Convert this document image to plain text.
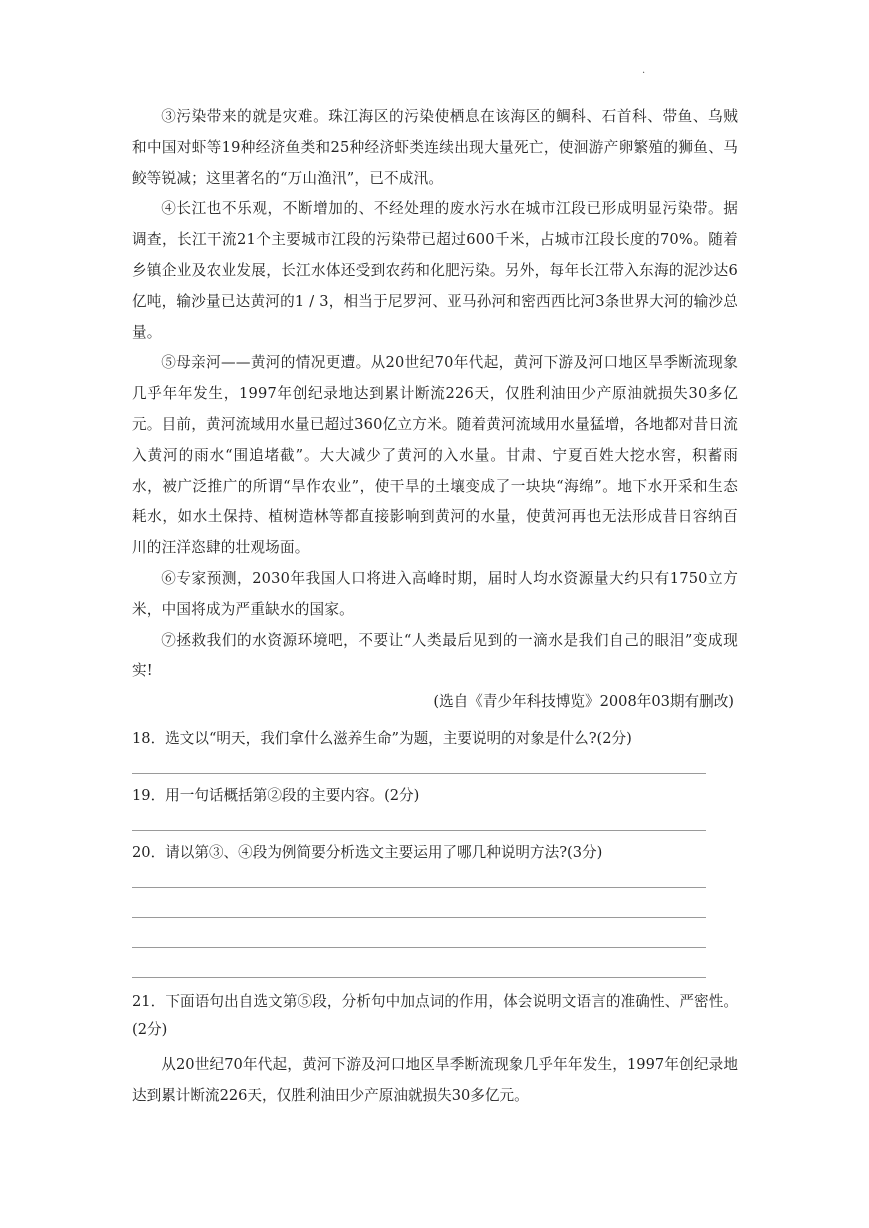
.

③污染带来的就是灾难。珠江海区的污染使栖息在该海区的鲷科、石首科、带鱼、乌贼和中国对虾等19种经济鱼类和25种经济虾类连续出现大量死亡，使洄游产卵繁殖的狮鱼、马鲛等锐减；这里著名的“万山渔汛”，已不成汛。

④长江也不乐观，不断增加的、不经处理的废水污水在城市江段已形成明显污染带。据调查，长江干流21个主要城市江段的污染带已超过600千米，占城市江段长度的70%。随着乡镇企业及农业发展，长江水体还受到农药和化肥污染。另外，每年长江带入东海的泥沙达6亿吨，输沙量已达黄河的1 / 3，相当于尼罗河、亚马孙河和密西西比河3条世界大河的输沙总量。

⑤母亲河——黄河的情况更遭。从20世纪70年代起，黄河下游及河口地区旱季断流现象几乎年年发生，1997年创纪录地达到累计断流226天，仅胜利油田少产原油就损失30多亿元。目前，黄河流域用水量已超过360亿立方米。随着黄河流域用水量猛增，各地都对昔日流入黄河的雨水“围追堵截”。大大减少了黄河的入水量。甘肃、宁夏百姓大挖水窖，积蓄雨水，被广泛推广的所谓“旱作农业”，使干旱的土壤变成了一块块“海绵”。地下水开采和生态耗水，如水土保持、植树造林等都直接影响到黄河的水量，使黄河再也无法形成昔日容纳百川的汪洋恣肆的壮观场面。

⑥专家预测，2030年我国人口将进入高峰时期，届时人均水资源量大约只有1750立方米，中国将成为严重缺水的国家。

⑦拯救我们的水资源环境吧，不要让“人类最后见到的一滴水是我们自己的眼泪”变成现实!

(选自《青少年科技博览》2008年03期有删改)

18．选文以“明天，我们拿什么滋养生命”为题，主要说明的对象是什么?(2分)

19．用一句话概括第②段的主要内容。(2分)

20．请以第③、④段为例简要分析选文主要运用了哪几种说明方法?(3分)

21．下面语句出自选文第⑤段，分析句中加点词的作用，体会说明文语言的准确性、严密性。(2分)

从20世纪70年代起，黄河下游及河口地区旱季断流现象几乎年年发生，1997年创纪录地达到累计断流226天，仅胜利油田少产原油就损失30多亿元。
